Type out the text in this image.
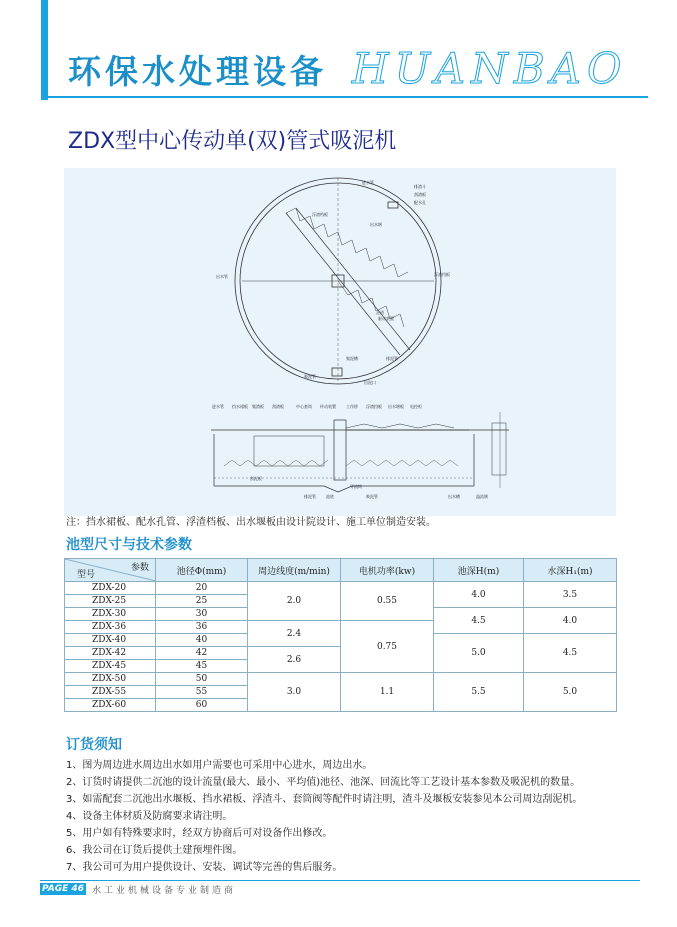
环保水处理设备 HUANBAO
ZDX型中心传动单(双)管式吸泥机
进水管
排渣斗
刮渣板
配水孔
浮渣档板
出水堰
浮渣挡板
出水管
出泥口
吸泥管
走道
驱动装置
集泥槽	排泥管
进水管 挡水裙板 集渣板 刮渣板	中心套筒 传动装置	工作桥 浮渣挡板 出水堰板 电控柜
刮泥板
排泥管	池底
导流筒
吸泥管	出水槽	溢流堰
注：挡水裙板、配水孔管、浮渣档板、出水堰板由设计院设计、施工单位制造安装。
池型尺寸与技术参数
参数
型号	池径Φ(mm)	周边线度(m/min)	电机功率(kw)	池深H(m)	水深H₁(m)
ZDX-20	20	2.0	0.55	4.0	3.5
ZDX-25	25				
ZDX-30	30			4.5	4.0
ZDX-36	36	2.4	0.75		
ZDX-40	40			5.0	4.5
ZDX-42	42	2.6			
ZDX-45	45				
ZDX-50	50	3.0	1.1	5.5	5.0
ZDX-55	55				
ZDX-60	60				
订货须知
1、图为周边进水周边出水如用户需要也可采用中心进水，周边出水。
2、订货时请提供二沉池的设计流量(最大、最小、平均值)池径、池深、回流比等工艺设计基本参数及吸泥机的数量。
3、如需配套二沉池出水堰板、挡水裙板、浮渣斗、套筒阀等配件时请注明，渣斗及堰板安装参见本公司周边刮泥机。
4、设备主体材质及防腐要求请注明。
5、用户如有特殊要求时，经双方协商后可对设备作出修改。
6、我公司在订货后提供土建预埋件图。
7、我公司可为用户提供设计、安装、调试等完善的售后服务。
PAGE 46 水工业机械设备专业制造商
